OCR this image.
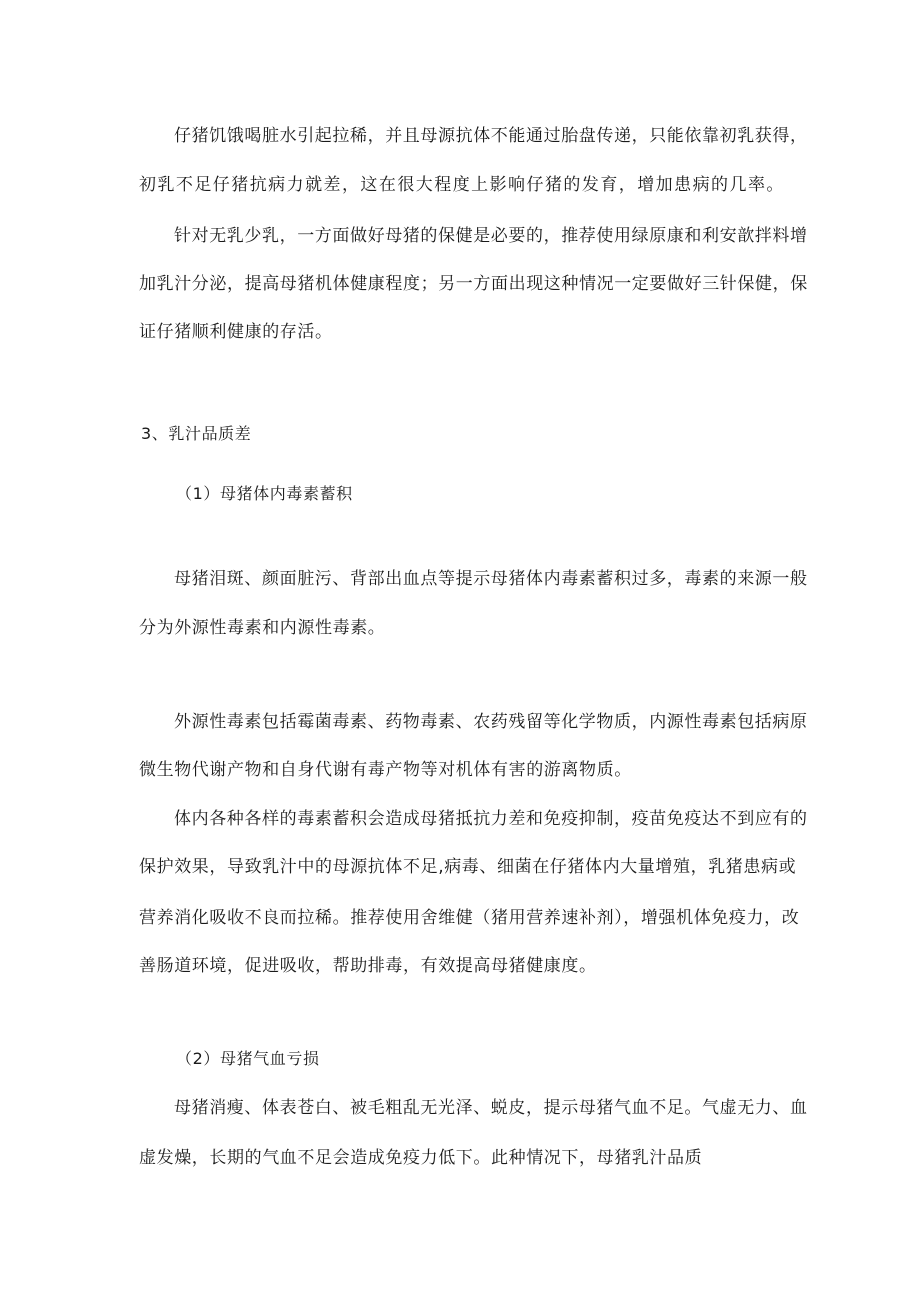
仔猪饥饿喝脏水引起拉稀，并且母源抗体不能通过胎盘传递，只能依靠初乳获得，
初乳不足仔猪抗病力就差，这在很大程度上影响仔猪的发育，增加患病的几率。
针对无乳少乳，一方面做好母猪的保健是必要的，推荐使用绿原康和利安歆拌料增
加乳汁分泌，提高母猪机体健康程度；另一方面出现这种情况一定要做好三针保健，保
证仔猪顺利健康的存活。
3、乳汁品质差
（1）母猪体内毒素蓄积
母猪泪斑、颜面脏污、背部出血点等提示母猪体内毒素蓄积过多，毒素的来源一般
分为外源性毒素和内源性毒素。
外源性毒素包括霉菌毒素、药物毒素、农药残留等化学物质，内源性毒素包括病原
微生物代谢产物和自身代谢有毒产物等对机体有害的游离物质。
体内各种各样的毒素蓄积会造成母猪抵抗力差和免疫抑制，疫苗免疫达不到应有的
保护效果，导致乳汁中的母源抗体不足,病毒、细菌在仔猪体内大量增殖，乳猪患病或
营养消化吸收不良而拉稀。推荐使用舍维健（猪用营养速补剂），增强机体免疫力，改
善肠道环境，促进吸收，帮助排毒，有效提高母猪健康度。
（2）母猪气血亏损
母猪消瘦、体表苍白、被毛粗乱无光泽、蜕皮，提示母猪气血不足。气虚无力、血
虚发燥，长期的气血不足会造成免疫力低下。此种情况下，母猪乳汁品质
